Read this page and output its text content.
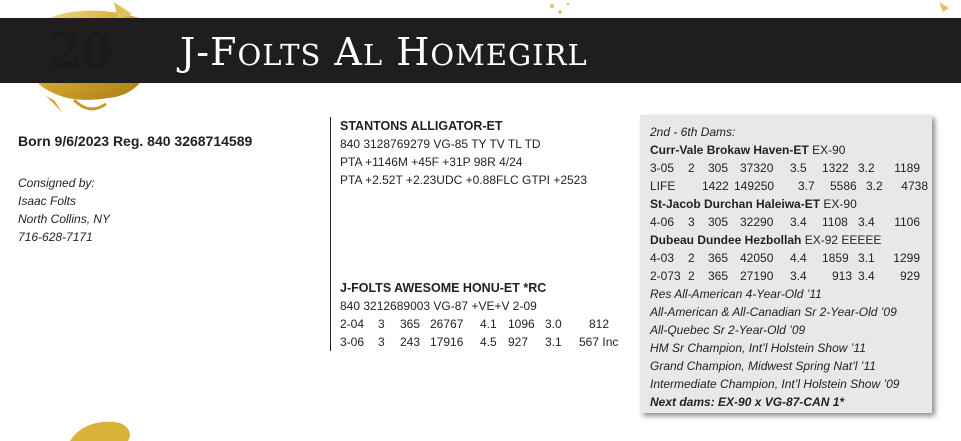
20	J-FOLTS AL HOMEGIRL
Born 9/6/2023 Reg. 840 3268714589
Consigned by:
Isaac Folts
North Collins, NY
716-628-7171
STANTONS ALLIGATOR-ET
840 3128769279 VG-85 TY TV TL TD
PTA +1146M +45F +31P 98R 4/24
PTA +2.52T +2.23UDC +0.88FLC GTPI +2523
J-FOLTS AWESOME HONU-ET *RC
840 3212689003 VG-87 +VE+V 2-09
2-04	3	365 26767	4.1 1096 3.0	812
3-06	3	243 17916	4.5 927	3.1	567 Inc
2nd - 6th Dams:
Curr-Vale Brokaw Haven-ET EX-90
3-05	2	305 37320	3.5	1322 3.2	1189
LIFE	1422 149250	3.7	5586 3.2	4738
St-Jacob Durchan Haleiwa-ET EX-90
4-06	3	305 32290	3.4	1108 3.4	1106
Dubeau Dundee Hezbollah EX-92 EEEEE
4-03	2	365 42050	4.4	1859 3.1	1299
2-073 2	365 27190	3.4	913 3.4	929
Res All-American 4-Year-Old ’11
All-American & All-Canadian Sr 2-Year-Old ’09
All-Quebec Sr 2-Year-Old ’09
HM Sr Champion, Int’l Holstein Show ’11
Grand Champion, Midwest Spring Nat’l ’11
Intermediate Champion, Int’l Holstein Show ’09
Next dams: EX-90 x VG-87-CAN 1*
